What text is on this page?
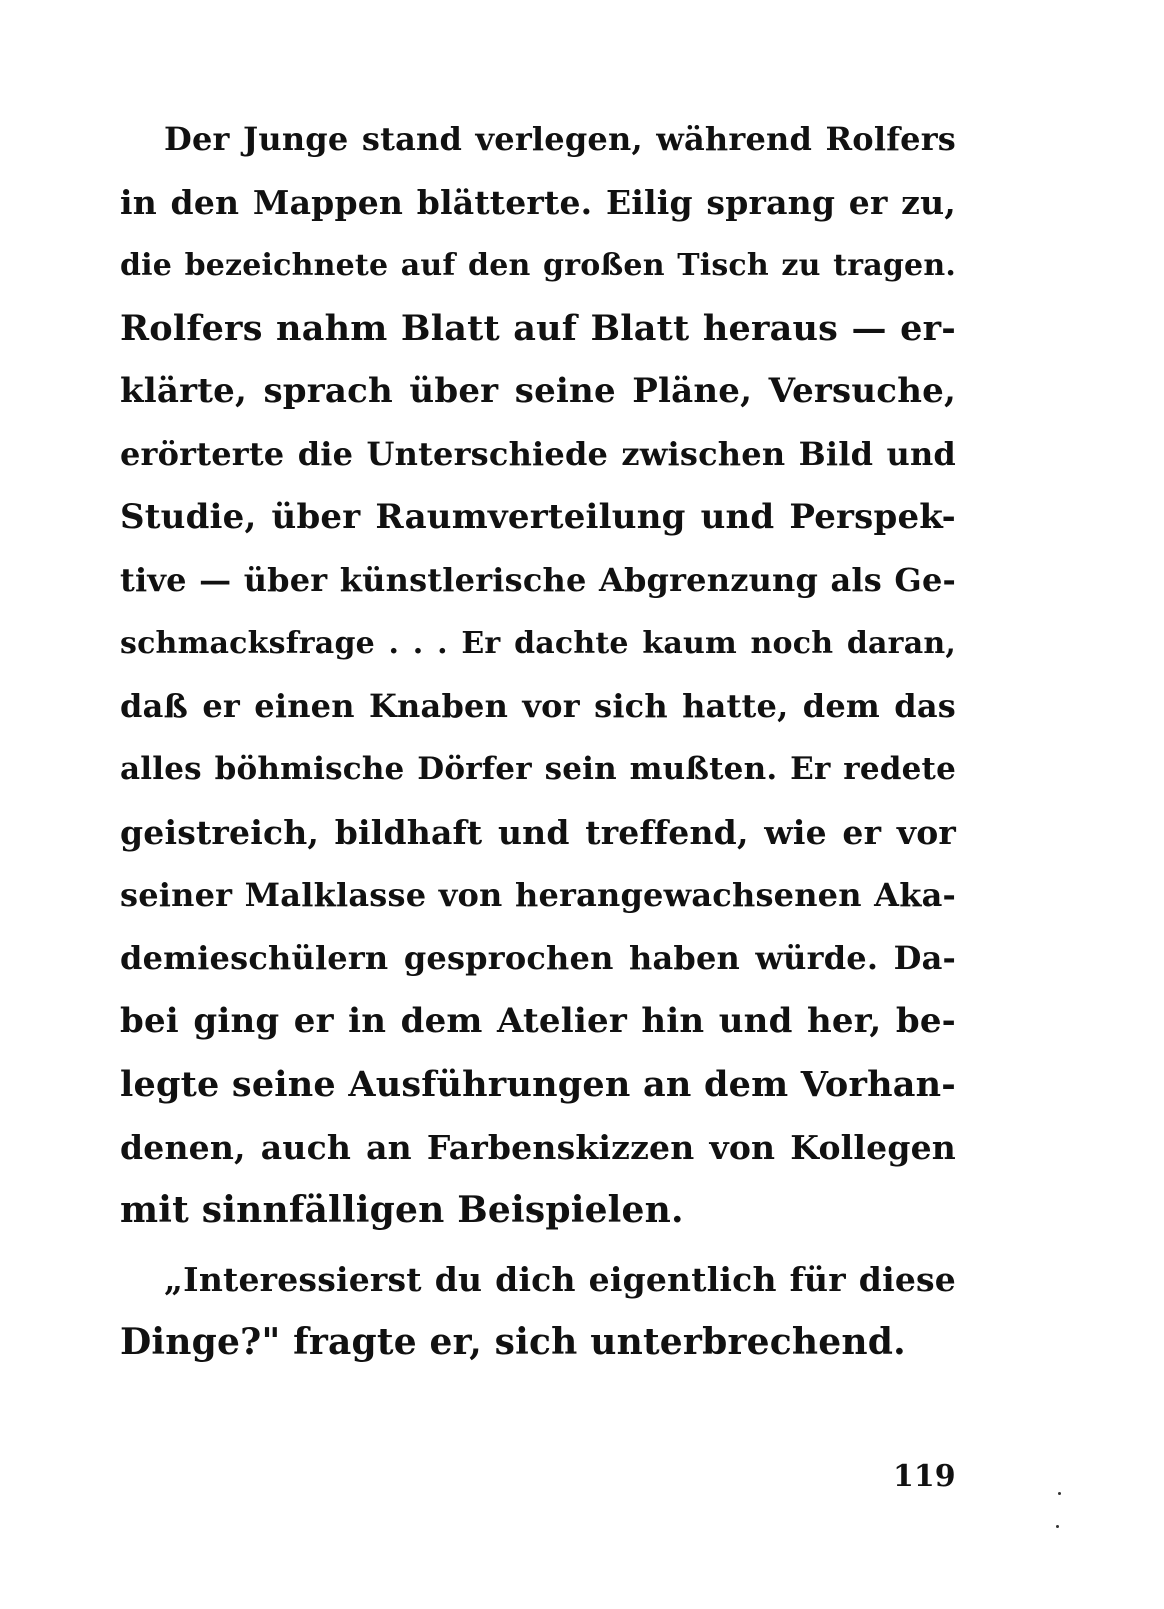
Der Junge stand verlegen, während Rolfers
in den Mappen blätterte. Eilig sprang er zu,
die bezeichnete auf den großen Tisch zu tragen.
Rolfers nahm Blatt auf Blatt heraus — er-
klärte, sprach über seine Pläne, Versuche,
erörterte die Unterschiede zwischen Bild und
Studie, über Raumverteilung und Perspek-
tive — über künstlerische Abgrenzung als Ge-
schmacksfrage . . . Er dachte kaum noch daran,
daß er einen Knaben vor sich hatte, dem das
alles böhmische Dörfer sein mußten. Er redete
geistreich, bildhaft und treffend, wie er vor
seiner Malklasse von herangewachsenen Aka-
demieschülern gesprochen haben würde. Da-
bei ging er in dem Atelier hin und her, be-
legte seine Ausführungen an dem Vorhan-
denen, auch an Farbenskizzen von Kollegen
mit sinnfälligen Beispielen.
„Interessierst du dich eigentlich für diese
Dinge?" fragte er, sich unterbrechend.
119
